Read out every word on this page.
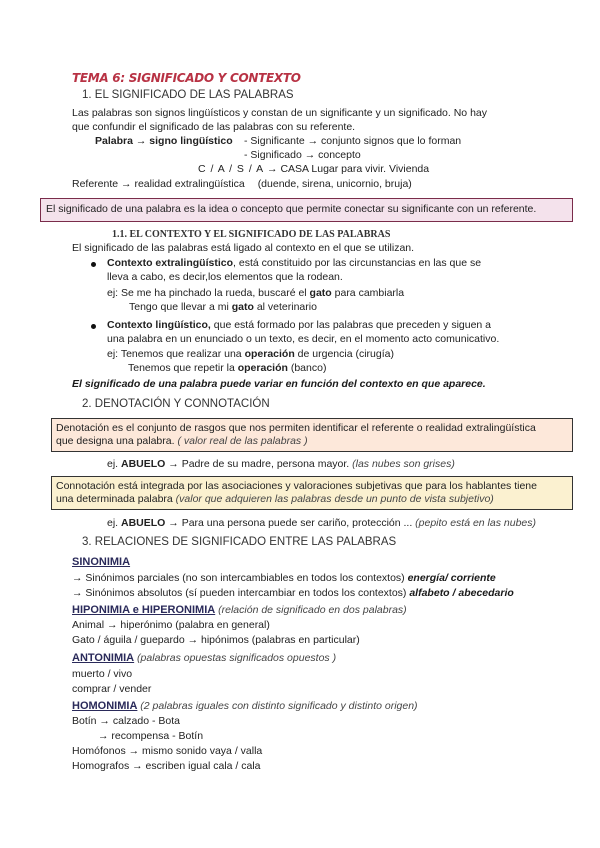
TEMA 6: SIGNIFICADO Y CONTEXTO
1. EL SIGNIFICADO DE LAS PALABRAS
Las palabras son signos lingüísticos y constan de un significante y un significado. No hay
que confundir el significado de las palabras con su referente.
Palabra → signo lingüístico - Significante → conjunto signos que lo forman
- Significado → concepto
C / A / S / A → CASA Lugar para vivir. Vivienda
Referente → realidad extralingüística (duende, sirena, unicornio, bruja)
El significado de una palabra es la idea o concepto que permite conectar su significante con un referente.
1.1. EL CONTEXTO Y EL SIGNIFICADO DE LAS PALABRAS
El significado de las palabras está ligado al contexto en el que se utilizan.
Contexto extralingüístico, está constituido por las circunstancias en las que se
lleva a cabo, es decir,los elementos que la rodean.
ej: Se me ha pinchado la rueda, buscaré el gato para cambiarla
Tengo que llevar a mi gato al veterinario
Contexto lingüístico, que está formado por las palabras que preceden y siguen a
una palabra en un enunciado o un texto, es decir, en el momento acto comunicativo.
ej: Tenemos que realizar una operación de urgencia (cirugía)
Tenemos que repetir la operación (banco)
El significado de una palabra puede variar en función del contexto en que aparece.
2. DENOTACIÓN Y CONNOTACIÓN
Denotación es el conjunto de rasgos que nos permiten identificar el referente o realidad extralingüística
que designa una palabra. ( valor real de las palabras )
ej. ABUELO → Padre de su madre, persona mayor. (las nubes son grises)
Connotación está integrada por las asociaciones y valoraciones subjetivas que para los hablantes tiene
una determinada palabra (valor que adquieren las palabras desde un punto de vista subjetivo)
ej. ABUELO → Para una persona puede ser cariño, protección ... (pepito está en las nubes)
3. RELACIONES DE SIGNIFICADO ENTRE LAS PALABRAS
SINONIMIA
→ Sinónimos parciales (no son intercambiables en todos los contextos) energía/ corriente
→ Sinónimos absolutos (sí pueden intercambiar en todos los contextos) alfabeto / abecedario
HIPONIMIA e HIPERONIMIA (relación de significado en dos palabras)
Animal → hiperónimo (palabra en general)
Gato / águila / guepardo → hipónimos (palabras en particular)
ANTONIMIA (palabras opuestas significados opuestos )
muerto / vivo
comprar / vender
HOMONIMIA (2 palabras iguales con distinto significado y distinto origen)
Botín → calzado - Bota
→ recompensa - Botín
Homófonos → mismo sonido vaya / valla
Homografos → escriben igual cala / cala
